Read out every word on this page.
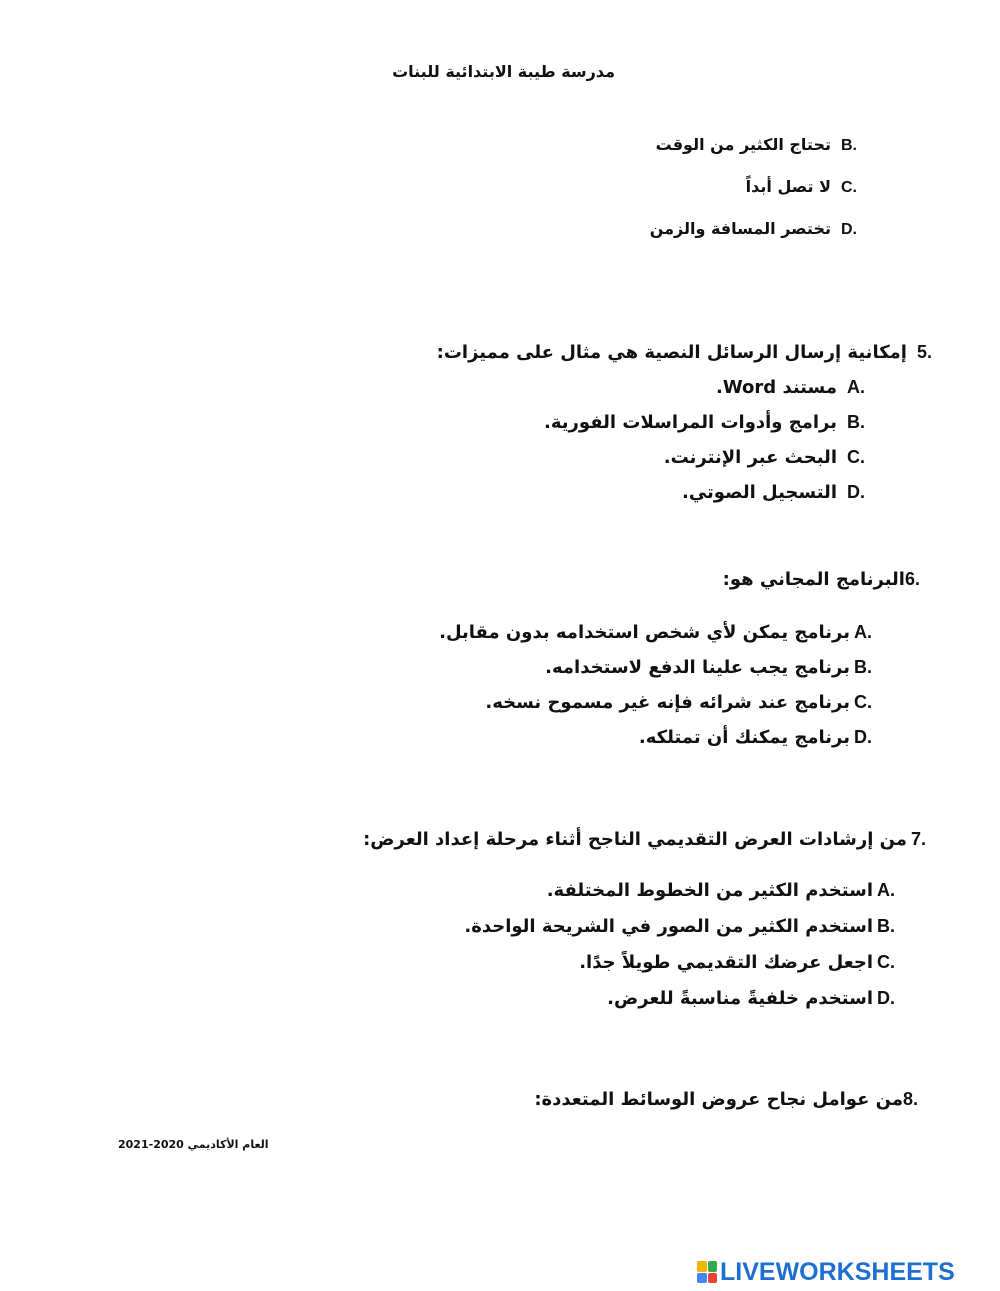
مدرسة طيبة الابتدائية للبنات
B.
تحتاج الكثير من الوقت
C.
لا تصل أبداً
D.
تختصر المسافة والزمن
5.
إمكانية إرسال الرسائل النصية هي مثال على مميزات:
A.
مستند Word.
B.
برامج وأدوات المراسلات الفورية.
C.
البحث عبر الإنترنت.
D.
التسجيل الصوتي.
6.
البرنامج المجاني هو:
A.
برنامج يمكن لأي شخص استخدامه بدون مقابل.
B.
برنامج يجب علينا الدفع لاستخدامه.
C.
برنامج عند شرائه فإنه غير مسموح نسخه.
D.
برنامج يمكنك أن تمتلكه.
7.
من إرشادات العرض التقديمي الناجح أثناء مرحلة إعداد العرض:
A.
استخدم الكثير من الخطوط المختلفة.
B.
استخدم الكثير من الصور في الشريحة الواحدة.
C.
اجعل عرضك التقديمي طويلاً جدًا.
D.
استخدم خلفيةً مناسبةً للعرض.
8.
من عوامل نجاح عروض الوسائط المتعددة:
العام الأكاديمي 2020-2021
LIVEWORKSHEETS
